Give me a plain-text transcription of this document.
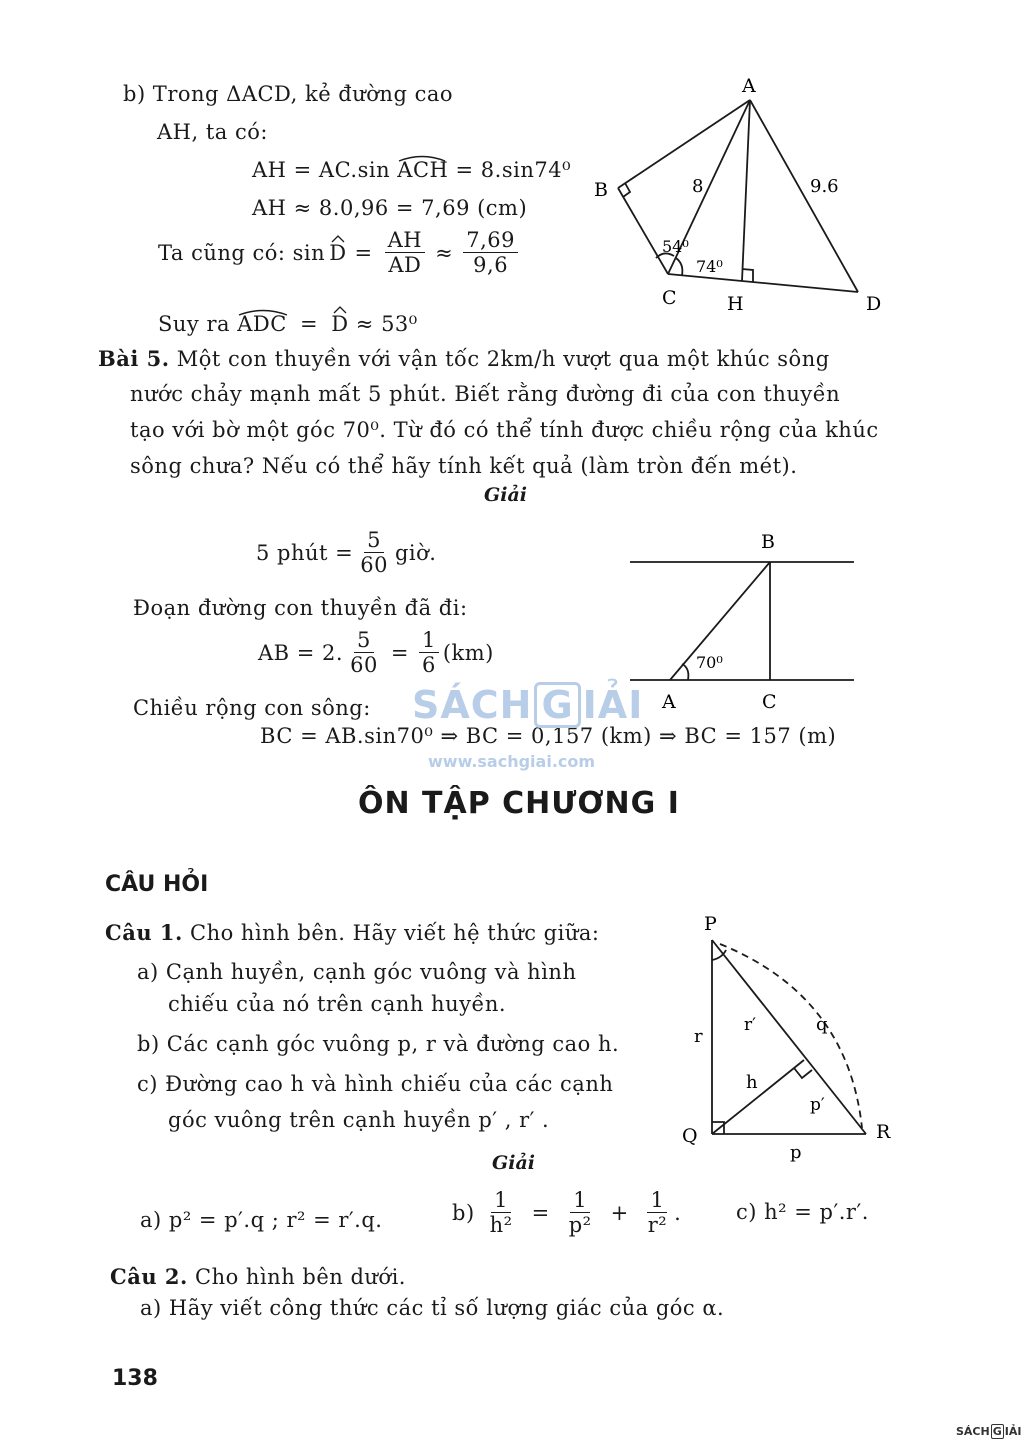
b) Trong ΔACD, kẻ đường cao
AH, ta có:
AH = AC.sin ACH = 8.sin74⁰
AH ≈ 8.0,96 = 7,69 (cm)
Ta cũng có: $\sin D = \frac{AH}{AD} \approx \frac{7,69}{9,6}$
Suy ra ADC = D ≈ 53⁰
A
B
C	D
H
8	9.6
54⁰
74⁰
Bài 5. Một con thuyền với vận tốc 2km/h vượt qua một khúc sông
nước chảy mạnh mất 5 phút. Biết rằng đường đi của con thuyền
tạo với bờ một góc 70⁰. Từ đó có thể tính được chiều rộng của khúc
sông chưa? Nếu có thể hãy tính kết quả (làm tròn đến mét).
Giải
5 phút = $\frac{5}{60}$ giờ.
Đoạn đường con thuyền đã đi:
AB = 2. $\frac{5}{60} = \frac{1}{6} (km)$
Chiều rộng con sông:
BC = AB.sin70⁰ ⇒ BC = 0,157 (km) ⇒ BC = 157 (m)
B
A	C
70⁰
SÁCH G IẢI
www.sachgiai.com
ÔN TẬP CHƯƠNG I
CÂU HỎI
Câu 1. Cho hình bên. Hãy viết hệ thức giữa:
a) Cạnh huyền, cạnh góc vuông và hình
chiếu của nó trên cạnh huyền.
b) Các cạnh góc vuông p, r và đường cao h.
c) Đường cao h và hình chiếu của các cạnh
góc vuông trên cạnh huyền p′ , r′ .
Giải
a) p² = p′.q ; r² = r′.q.	$b) \frac{1}{\text{h²}} = \frac{1}{\text{p²}} + \frac{1}{\text{r²}}$ .	c) h² = p′.r′.
P
Q	R
r
r′	q
h
p′
p
Câu 2. Cho hình bên dưới.
a) Hãy viết công thức các tỉ số lượng giác của góc α.
138
SÁCH G IẢI
